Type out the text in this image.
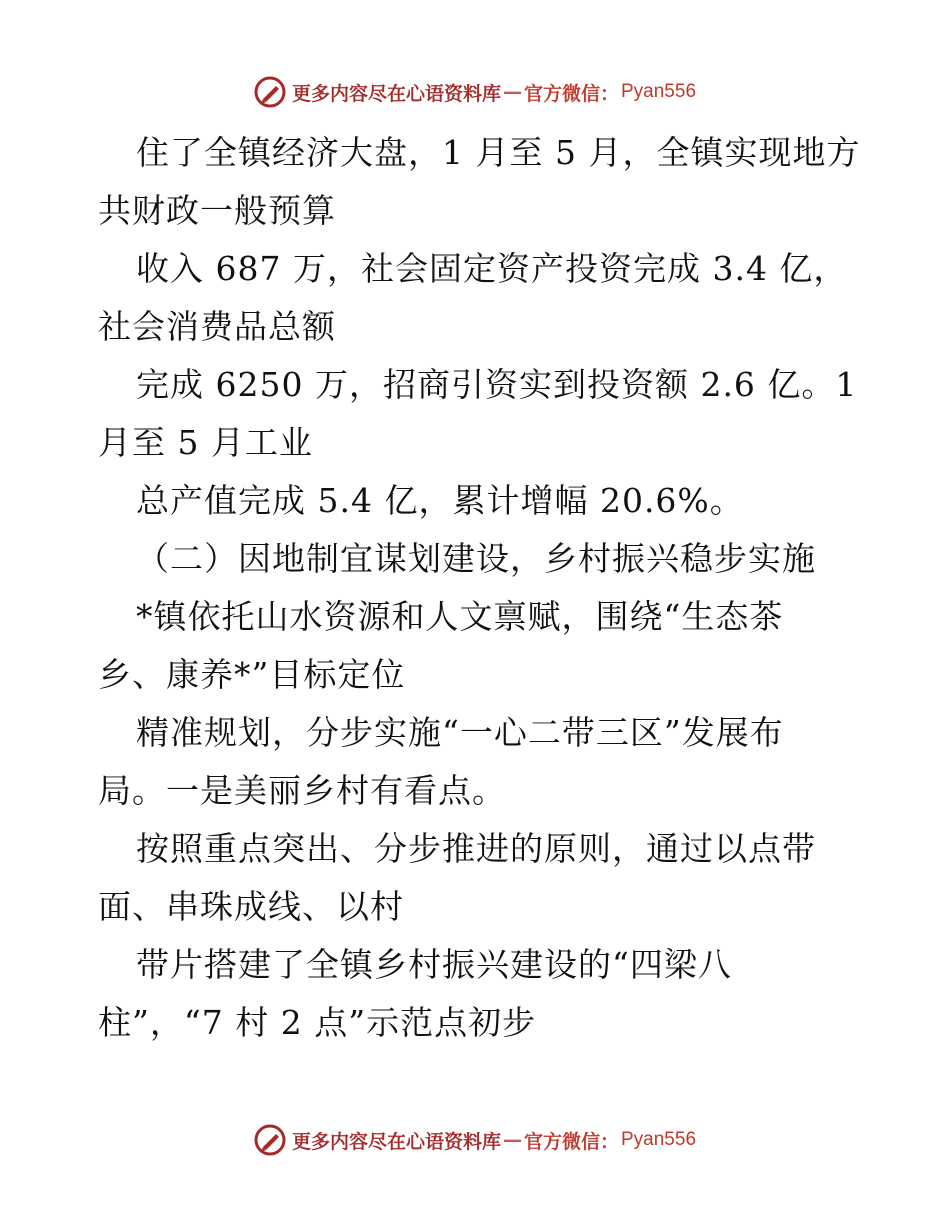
更多内容尽在心语资料库 — 官方微信： Pyan556
住了全镇经济大盘，1 月至 5 月，全镇实现地方
共财政一般预算
收入 687 万，社会固定资产投资完成 3.4 亿，
社会消费品总额
完成 6250 万，招商引资实到投资额 2.6 亿。1
月至 5 月工业
总产值完成 5.4 亿，累计增幅 20.6%。
（二）因地制宜谋划建设，乡村振兴稳步实施
*镇依托山水资源和人文禀赋，围绕“生态茶
乡、康养*”目标定位
精准规划，分步实施“一心二带三区”发展布
局。一是美丽乡村有看点。
按照重点突出、分步推进的原则，通过以点带
面、串珠成线、以村
带片搭建了全镇乡村振兴建设的“四梁八
柱”，“7 村 2 点”示范点初步
更多内容尽在心语资料库 — 官方微信： Pyan556
